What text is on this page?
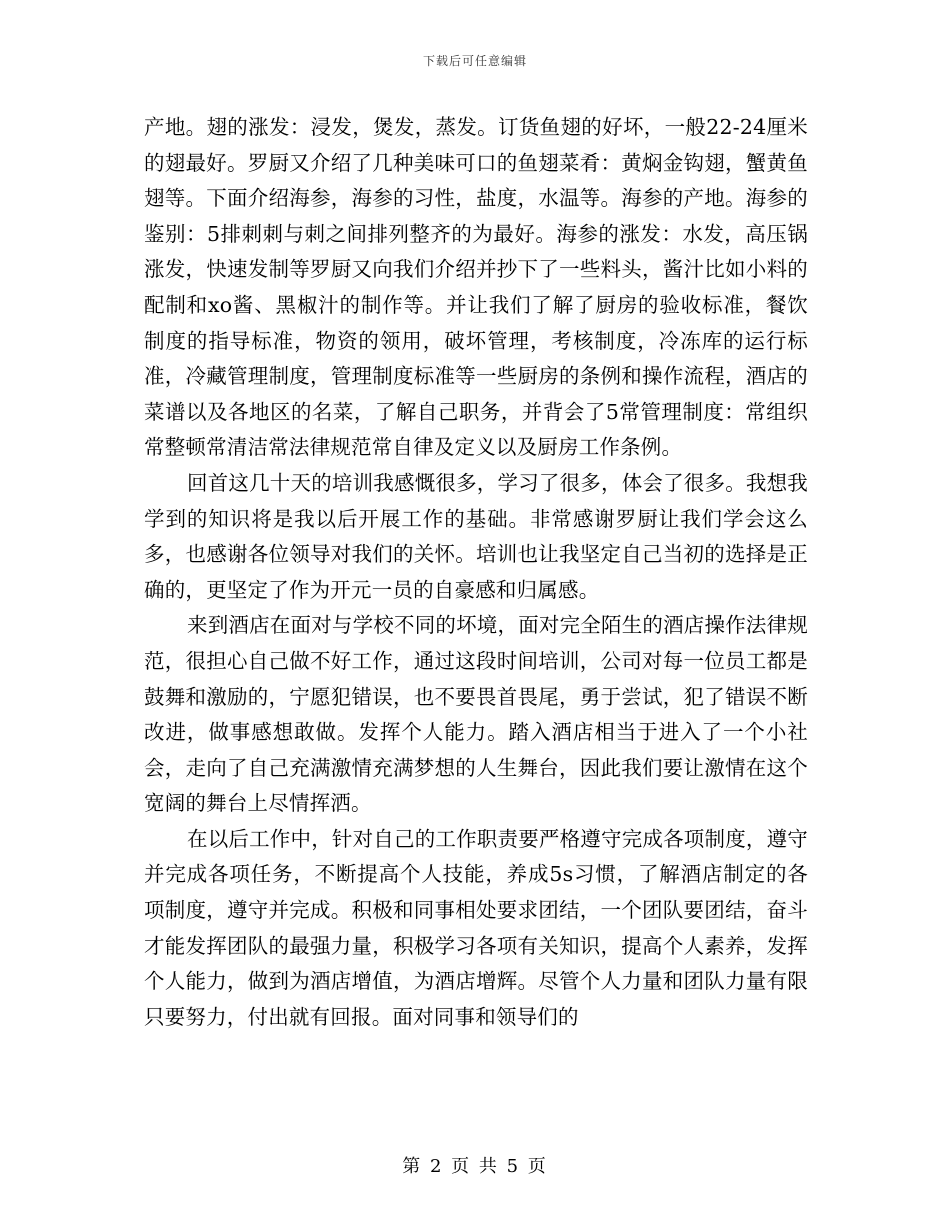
下载后可任意编辑

产地。翅的涨发：浸发，煲发，蒸发。订货鱼翅的好坏，一般22-24厘米的翅最好。罗厨又介绍了几种美味可口的鱼翅菜肴：黄焖金钩翅，蟹黄鱼翅等。下面介绍海参，海参的习性，盐度，水温等。海参的产地。海参的鉴别：5排刺刺与刺之间排列整齐的为最好。海参的涨发：水发，高压锅涨发，快速发制等罗厨又向我们介绍并抄下了一些料头，酱汁比如小料的配制和xo酱、黑椒汁的制作等。并让我们了解了厨房的验收标准，餐饮制度的指导标准，物资的领用，破坏管理，考核制度，冷冻库的运行标准，冷藏管理制度，管理制度标准等一些厨房的条例和操作流程，酒店的菜谱以及各地区的名菜，了解自己职务，并背会了5常管理制度：常组织常整顿常清洁常法律规范常自律及定义以及厨房工作条例。

回首这几十天的培训我感慨很多，学习了很多，体会了很多。我想我学到的知识将是我以后开展工作的基础。非常感谢罗厨让我们学会这么多，也感谢各位领导对我们的关怀。培训也让我坚定自己当初的选择是正确的，更坚定了作为开元一员的自豪感和归属感。

来到酒店在面对与学校不同的坏境，面对完全陌生的酒店操作法律规范，很担心自己做不好工作，通过这段时间培训，公司对每一位员工都是鼓舞和激励的，宁愿犯错误，也不要畏首畏尾，勇于尝试，犯了错误不断改进，做事感想敢做。发挥个人能力。踏入酒店相当于进入了一个小社会，走向了自己充满激情充满梦想的人生舞台，因此我们要让激情在这个宽阔的舞台上尽情挥洒。

在以后工作中，针对自己的工作职责要严格遵守完成各项制度，遵守并完成各项任务，不断提高个人技能，养成5s习惯，了解酒店制定的各项制度，遵守并完成。积极和同事相处要求团结，一个团队要团结，奋斗才能发挥团队的最强力量，积极学习各项有关知识，提高个人素养，发挥个人能力，做到为酒店增值，为酒店增辉。尽管个人力量和团队力量有限只要努力，付出就有回报。面对同事和领导们的

第 2 页 共 5 页
